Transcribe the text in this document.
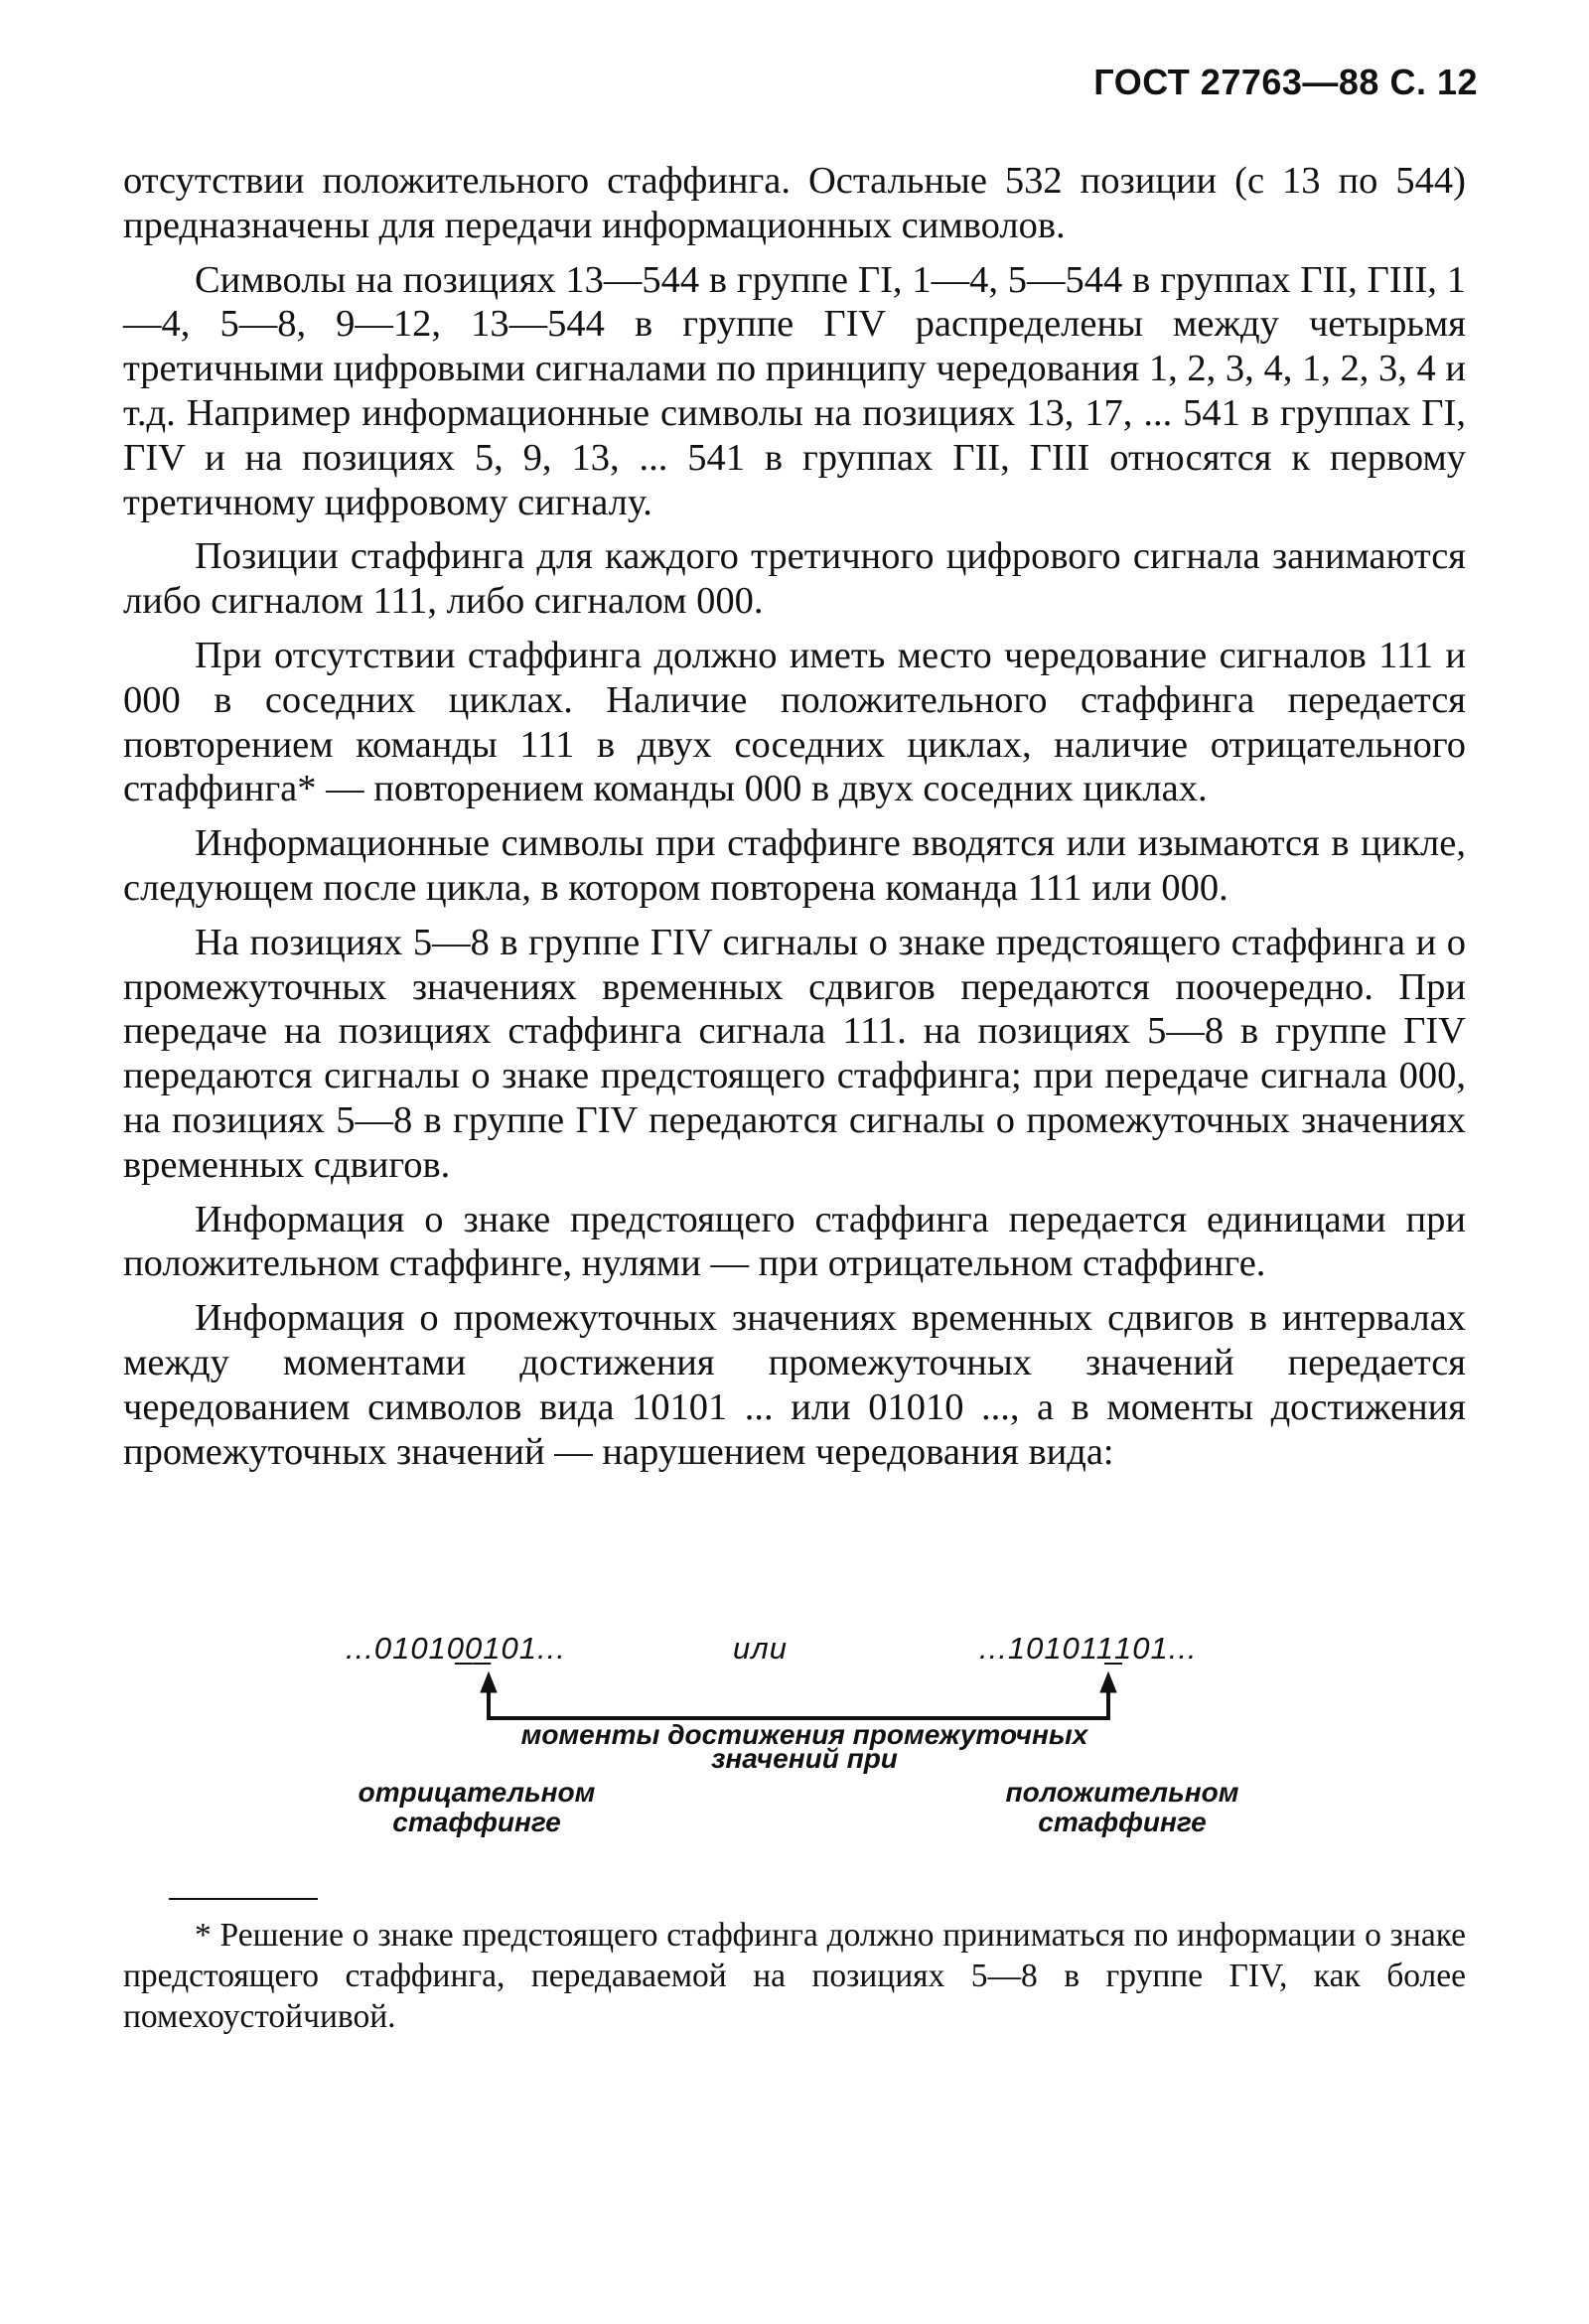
ГОСТ 27763—88 С. 12

отсутствии положительного стаффинга. Остальные 532 позиции (с 13 по 544) предназначены для передачи информационных символов.

Символы на позициях 13—544 в группе ГI, 1—4, 5—544 в группах ГII, ГIII, 1—4, 5—8, 9—12, 13—544 в группе ГIV распределены между четырьмя третичными цифровыми сигналами по принципу чередования 1, 2, 3, 4, 1, 2, 3, 4 и т.д. Например информационные символы на позициях 13, 17, ... 541 в группах ГI, ГIV и на позициях 5, 9, 13, ... 541 в группах ГII, ГIII относятся к первому третичному цифровому сигналу.

Позиции стаффинга для каждого третичного цифрового сигнала занимаются либо сигналом 111, либо сигналом 000.

При отсутствии стаффинга должно иметь место чередование сигналов 111 и 000 в соседних циклах. Наличие положительного стаффинга передается повторением команды 111 в двух соседних циклах, наличие отрицательного стаффинга* — повторением команды 000 в двух соседних циклах.

Информационные символы при стаффинге вводятся или изымаются в цикле, следующем после цикла, в котором повторена команда 111 или 000.

На позициях 5—8 в группе ГIV сигналы о знаке предстоящего стаффинга и о промежуточных значениях временных сдвигов передаются поочередно. При передаче на позициях стаффинга сигнала 111. на позициях 5—8 в группе ГIV передаются сигналы о знаке предстоящего стаффинга; при передаче сигнала 000, на позициях 5—8 в группе ГIV передаются сигналы о промежуточных значениях временных сдвигов.

Информация о знаке предстоящего стаффинга передается единицами при положительном стаффинге, нулями — при отрицательном стаффинге.

Информация о промежуточных значениях временных сдвигов в интервалах между моментами достижения промежуточных значений передается чередованием символов вида 10101 ... или 01010 ..., а в моменты достижения промежуточных значений — нарушением чередования вида:

...01010̲0̲101...	или	...101011̲101...
моменты достижения промежуточных
значений при
отрицательном
стаффинге
положительном
стаффинге

* Решение о знаке предстоящего стаффинга должно приниматься по информации о знаке предстоящего стаффинга, передаваемой на позициях 5—8 в группе ГIV, как более помехоустойчивой.
